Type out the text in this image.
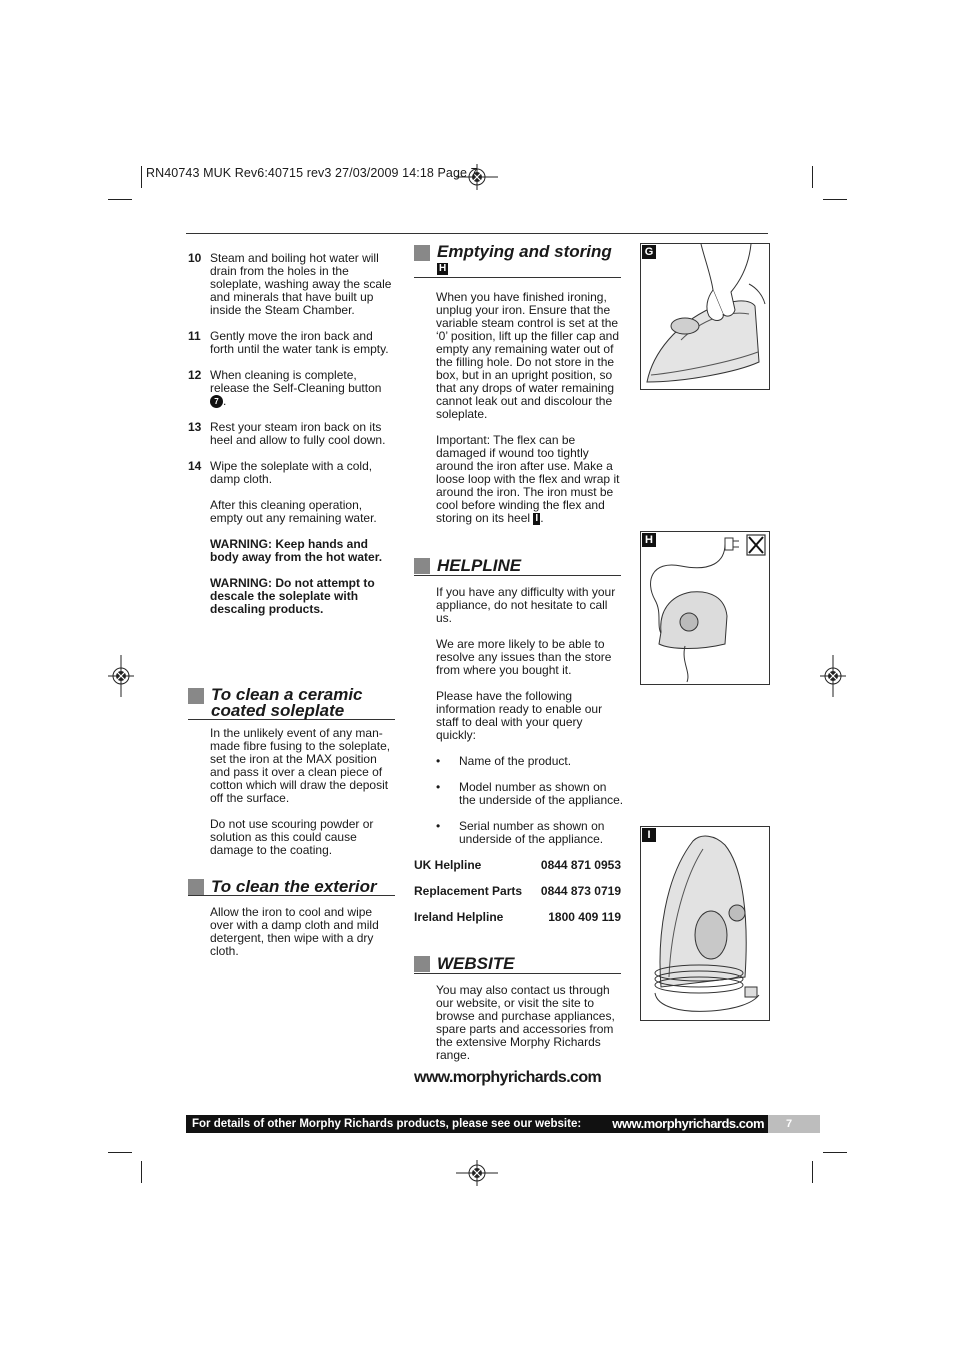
RN40743 MUK Rev6:40715 rev3 27/03/2009 14:18 Page 7
10 Steam and boiling hot water will drain from the holes in the soleplate, washing away the scale and minerals that have built up inside the Steam Chamber.
11 Gently move the iron back and forth until the water tank is empty.
12 When cleaning is complete, release the Self-Cleaning button 7 .
13 Rest your steam iron back on its heel and allow to fully cool down.
14 Wipe the soleplate with a cold, damp cloth.
After this cleaning operation, empty out any remaining water.
WARNING: Keep hands and body away from the hot water.
WARNING: Do not attempt to descale the soleplate with descaling products.
To clean a ceramic coated soleplate
In the unlikely event of any man-made fibre fusing to the soleplate, set the iron at the MAX position and pass it over a clean piece of cotton which will draw the deposit off the surface.
Do not use scouring powder or solution as this could cause damage to the coating.
To clean the exterior
Allow the iron to cool and wipe over with a damp cloth and mild detergent, then wipe with a dry cloth.
Emptying and storing H
When you have finished ironing, unplug your iron. Ensure that the variable steam control is set at the ‘0’ position, lift up the filler cap and empty any remaining water out of the filling hole. Do not store in the box, but in an upright position, so that any drops of water remaining cannot leak out and discolour the soleplate.
Important: The flex can be damaged if wound too tightly around the iron after use. Make a loose loop with the flex and wrap it around the iron. The iron must be cool before winding the flex and storing on its heel I .
HELPLINE
If you have any difficulty with your appliance, do not hesitate to call us.
We are more likely to be able to resolve any issues than the store from where you bought it.
Please have the following information ready to enable our staff to deal with your query quickly:
• Name of the product.
• Model number as shown on the underside of the appliance.
• Serial number as shown on underside of the appliance.
UK Helpline	0844 871 0953
Replacement Parts 0844 873 0719
Ireland Helpline	1800 409 119
WEBSITE
You may also contact us through our website, or visit the site to browse and purchase appliances, spare parts and accessories from the extensive Morphy Richards range.
www.morphyrichards.com
G
H
I
For details of other Morphy Richards products, please see our website: www.morphyrichards.com 7
